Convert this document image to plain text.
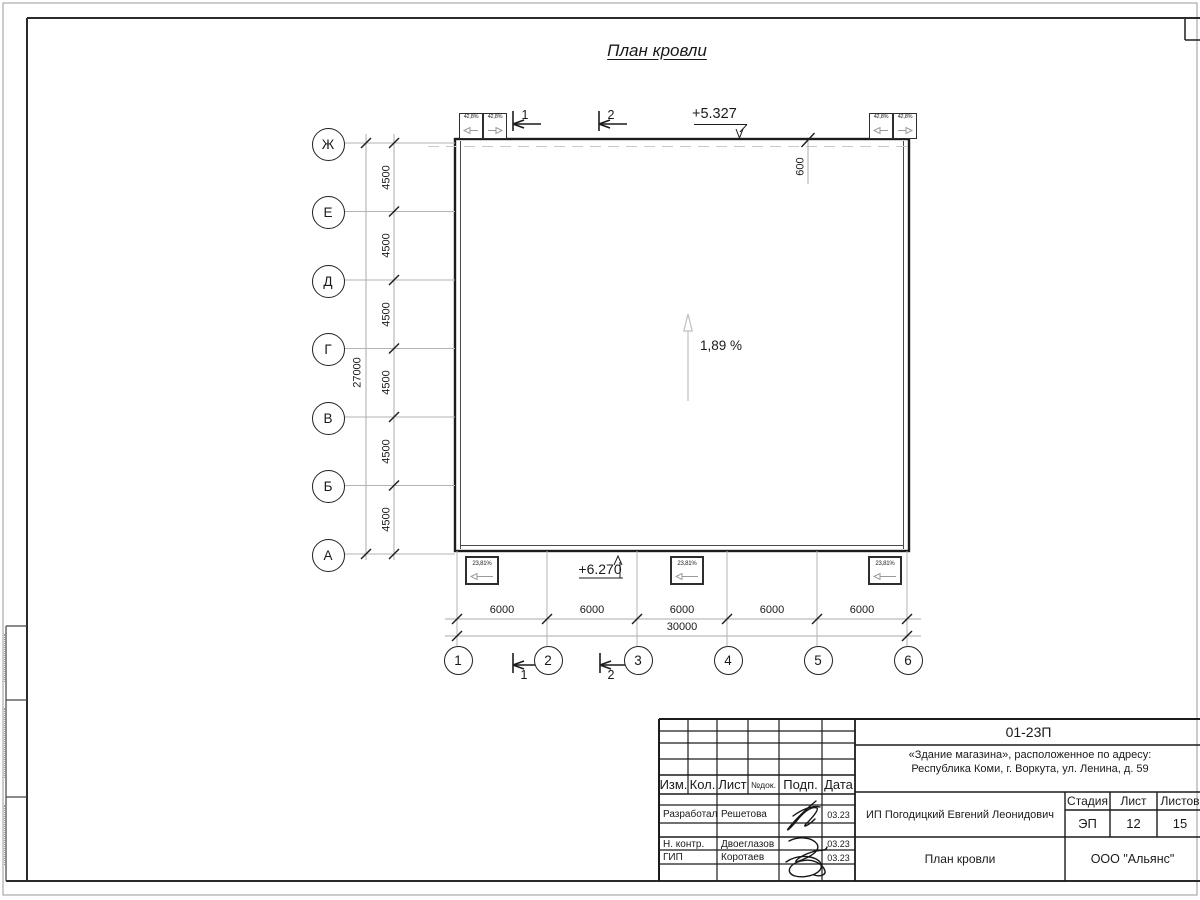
План кровли
+5.327
+6.270
600
1,89 %
1	2
1	2
27000
30000
01-23П
«Здание магазина», расположенное по адресу:
Республика Коми, г. Воркута, ул. Ленина, д. 59
ИП Погодицкий Евгений Леонидович
Стадия	Лист	Листов
ЭП	12	15
План кровли	ООО "Альянс"
Изм. Кол. Лист №док. Подп. Дата
Ж
4500
Е
4500
Д
4500
Г
4500
В
4500
Б
4500
А
1
6000
2
6000
3
6000
4
6000
5
6000
6
42,8% 42,8%	42,8% 42,8%
23,81%	23,81%	23,81%
Разработал Решетова	03.23
Н. контр.	Двоеглазов	03.23
ГИП	Коротаев	03.23
